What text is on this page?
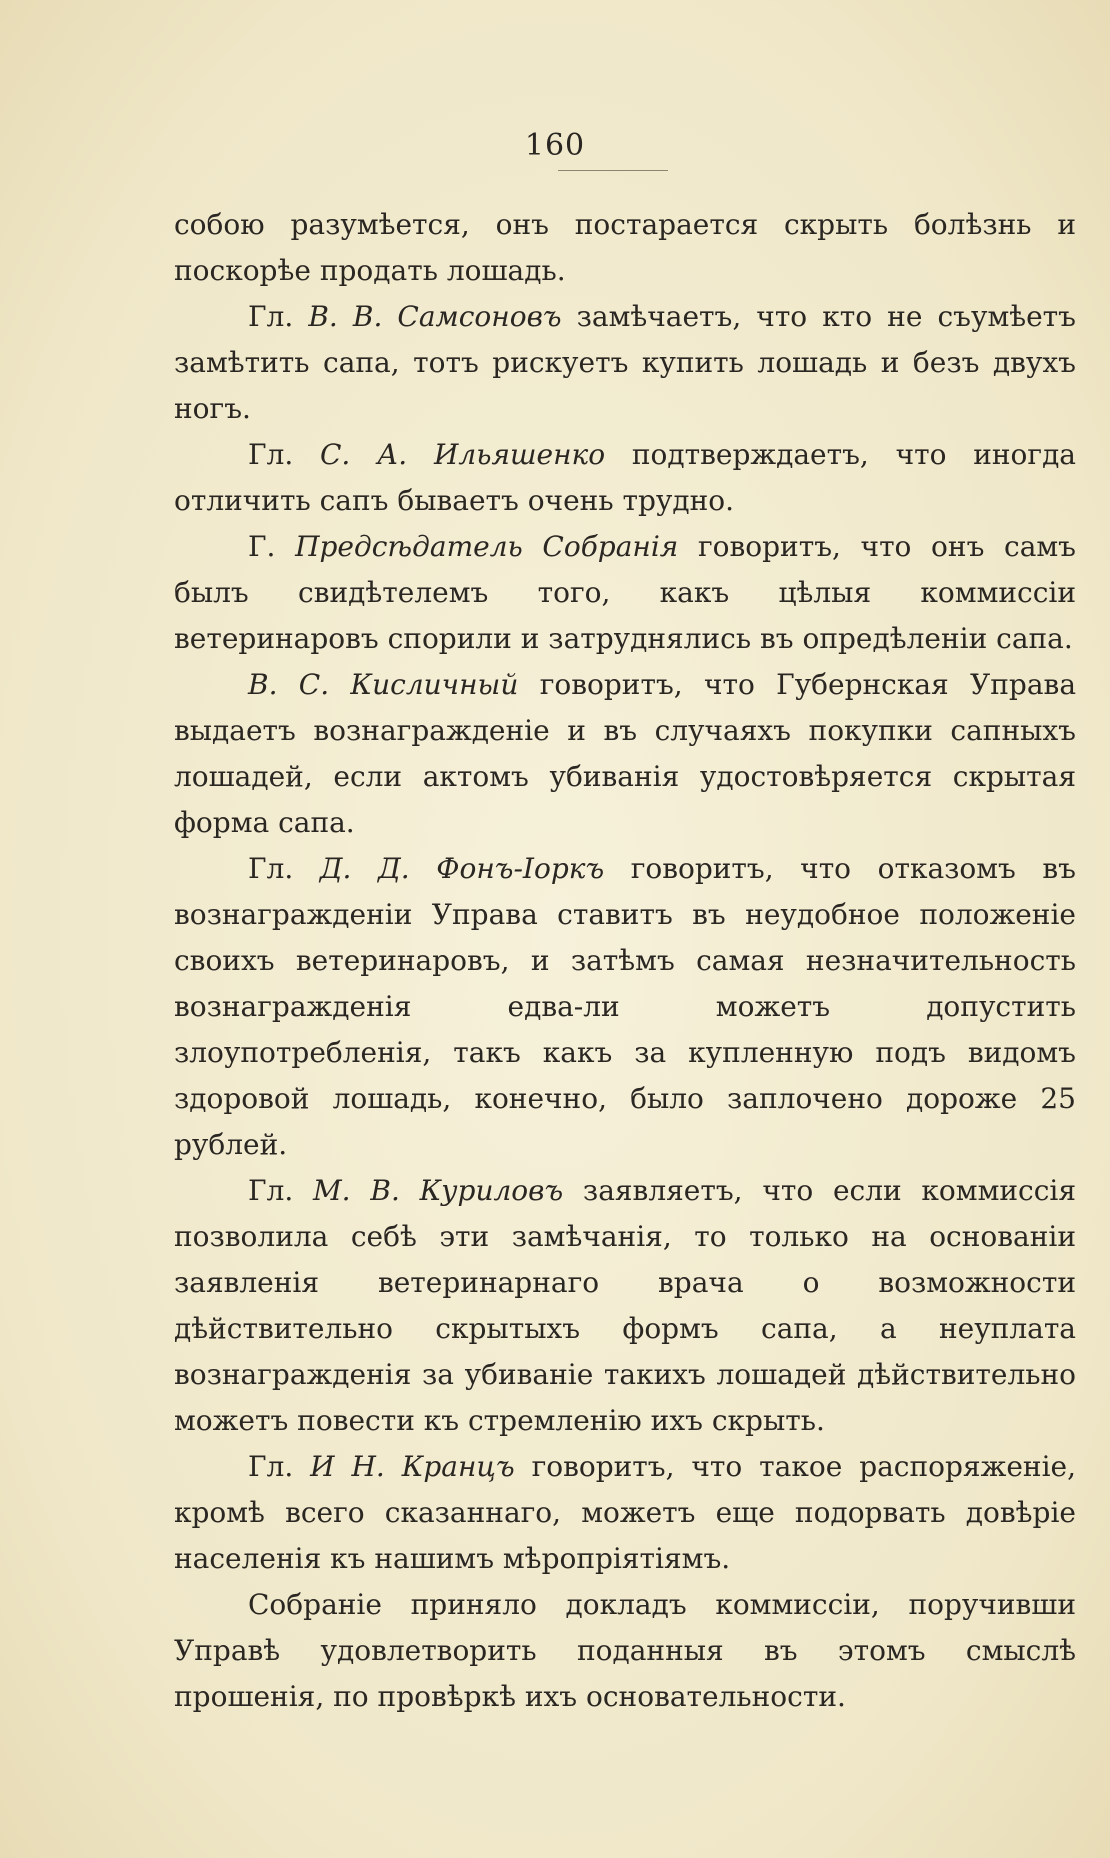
160

собою разумѣется, онъ постарается скрыть болѣзнь и поскорѣе продать лошадь.

Гл. В. В. Самсоновъ замѣчаетъ, что кто не съумѣетъ замѣтить сапа, тотъ рискуетъ купить лошадь и безъ двухъ ногъ.

Гл. С. А. Ильяшенко подтверждаетъ, что иногда отличить сапъ бываетъ очень трудно.

Г. Предсѣдатель Собранія говоритъ, что онъ самъ былъ свидѣтелемъ того, какъ цѣлыя коммиссіи ветеринаровъ спорили и затруднялись въ опредѣленіи сапа.

В. С. Кисличный говоритъ, что Губернская Управа выдаетъ вознагражденіе и въ случаяхъ покупки сапныхъ лошадей, если актомъ убиванія удостовѣряется скрытая форма сапа.

Гл. Д. Д. Фонъ-Іоркъ говоритъ, что отказомъ въ вознагражденіи Управа ставитъ въ неудобное положеніе своихъ ветеринаровъ, и затѣмъ самая незначительность вознагражденія едва-ли можетъ допустить злоупотребленія, такъ какъ за купленную подъ видомъ здоровой лошадь, конечно, было заплочено дороже 25 рублей.

Гл. М. В. Куриловъ заявляетъ, что если коммиссія позволила себѣ эти замѣчанія, то только на основаніи заявленія ветеринарнаго врача о возможности дѣйствительно скрытыхъ формъ сапа, а неуплата вознагражденія за убиваніе такихъ лошадей дѣйствительно можетъ повести къ стремленію ихъ скрыть.

Гл. И Н. Кранцъ говоритъ, что такое распоряженіе, кромѣ всего сказаннаго, можетъ еще подорвать довѣріе населенія къ нашимъ мѣропріятіямъ.

Собраніе приняло докладъ коммиссіи, поручивши Управѣ удовлетворить поданныя въ этомъ смыслѣ прошенія, по провѣркѣ ихъ основательности.
